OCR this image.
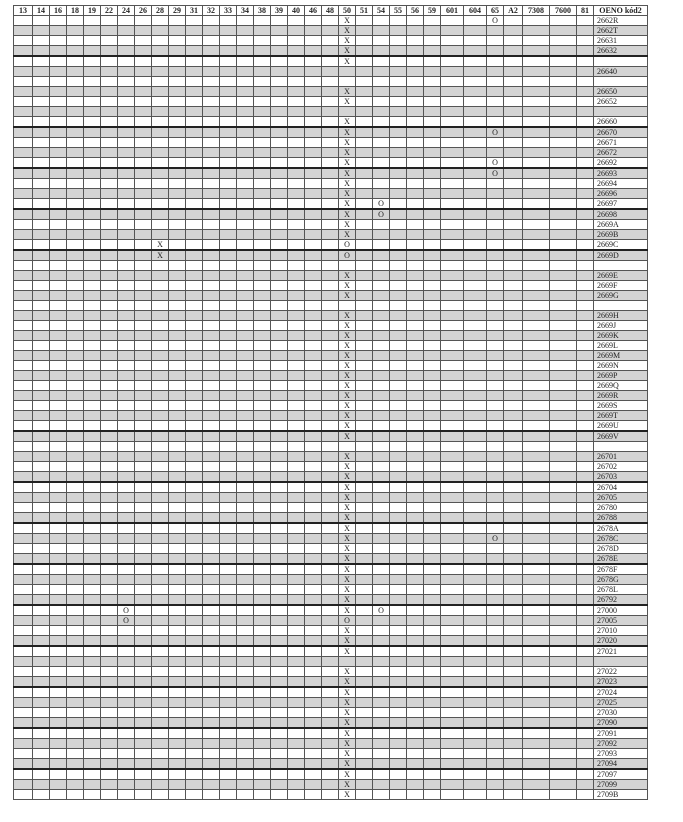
13	14	16	18	19	22	24	26	28	29	31	32	33	34	38	39	40	46	48	50	51	54	55	56	59	601	604	65	A2	7308	7600	81	OENO kód2
																			X								O					2662R
																			X													2662T
																			X													26631
																			X													26632
																			X													
																																26640

																			X													26650
																			X													26652

																			X													26660
																			X								O					26670
																			X													26671
																			X													26672
																			X								O					26692
																			X								O					26693
																			X													26694
																			X													26696
																			X		O											26697
																			X		O											26698
																			X													2669A
																			X													2669B
								X											O													2669C
								X											O													2669D

																			X													2669E
																			X													2669F
																			X													2669G

																			X													2669H
																			X													2669J
																			X													2669K
																			X													2669L
																			X													2669M
																			X													2669N
																			X													2669P
																			X													2669Q
																			X													2669R
																			X													2669S
																			X													2669T
																			X													2669U
																			X													2669V

																			X													26701
																			X													26702
																			X													26703
																			X													26704
																			X													26705
																			X													26780
																			X													26788
																			X													2678A
																			X								O					2678C
																			X													2678D
																			X													2678E
																			X													2678F
																			X													2678G
																			X													2678L
																			X													26792
						O													X		O											27000
						O													O													27005
																			X													27010
																			X													27020
																			X													27021

																			X													27022
																			X													27023
																			X													27024
																			X													27025
																			X													27030
																			X													27090
																			X													27091
																			X													27092
																			X													27093
																			X													27094
																			X													27097
																			X													27099
																			X													2709B
